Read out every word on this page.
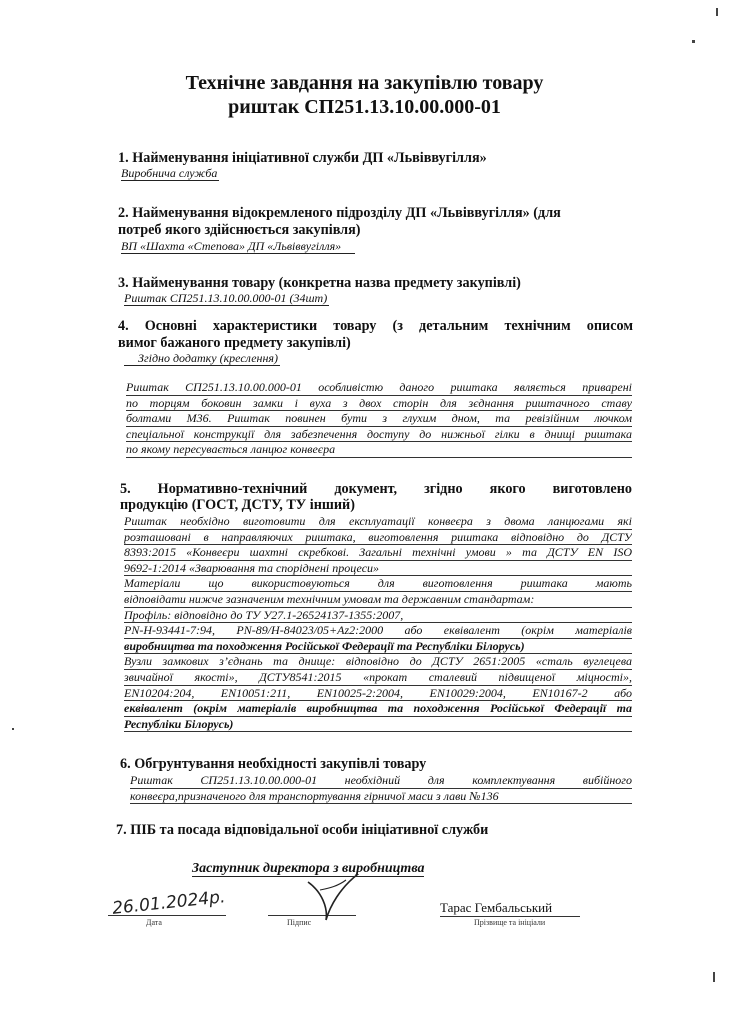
Технічне завдання на закупівлю товару
риштак СП251.13.10.00.000-01
1. Найменування ініціативної служби ДП «Львіввугілля»
Виробнича служба
2. Найменування відокремленого підрозділу ДП «Львіввугілля» (для
потреб якого здійснюється закупівля)
ВП «Шахта «Степова» ДП «Львіввугілля»
3. Найменування товару (конкретна назва предмету закупівлі)
Риштак СП251.13.10.00.000-01 (34шт)
4. Основні характеристики товару (з детальним технічним описом
вимог бажаного предмету закупівлі)
Згідно додатку (креслення)
Риштак СП251.13.10.00.000-01 особливістю даного риштака являється приварені
по торцям боковин замки і вуха з двох сторін для зєднання риштачного ставу
болтами М36. Риштак повинен бути з глухим дном, та ревізійним лючком
спеціальної конструкції для забезпечення доступу до нижньої гілки в днищі риштака
по якому пересувається ланцюг конвеєра
5. Нормативно-технічний документ, згідно якого виготовлено
продукцію (ГОСТ, ДСТУ, ТУ інший)
Риштак необхідно виготовити для експлуатації конвеєра з двома ланцюгами які
розташовані в направляючих риштака, виготовлення риштака відповідно до ДСТУ
8393:2015 «Конвеєри шахтні скребкові. Загальні технічні умови » та ДСТУ EN ISO
9692-1:2014 «Зварювання та споріднені процеси»
Матеріали що використовуються для виготовлення риштака мають
відповідати нижче зазначеним технічним умовам та державним стандартам:
Профіль: відповідно до ТУ У27.1-26524137-1355:2007,
PN-H-93441-7:94, PN-89/H-84023/05+Az2:2000 або еквівалент (окрім матеріалів
виробництва та походження Російської Федерації та Республіки Білорусь)
Вузли замкових з’єднань та днище: відповідно до ДСТУ 2651:2005 «сталь вуглецева
звичайної якості», ДСТУ8541:2015 «прокат сталевий підвищеної міцності»,
EN10204:204, EN10051:211, EN10025-2:2004, EN10029:2004, EN10167-2 або
еквівалент (окрім матеріалів виробництва та походження Російської Федерації та
Республіки Білорусь)
6. Обгрунтування необхідності закупівлі товару
Риштак СП251.13.10.00.000-01 необхідний для комплектування вибійного
конвеєра,призначеного для транспортування гірничої маси з лави №136
7. ПІБ та посада відповідальної особи ініціативної служби
Заступник директора з виробництва
26.01.2024р.
Дата	Підпис
Тарас Гембальський
Прізвище та ініціали
